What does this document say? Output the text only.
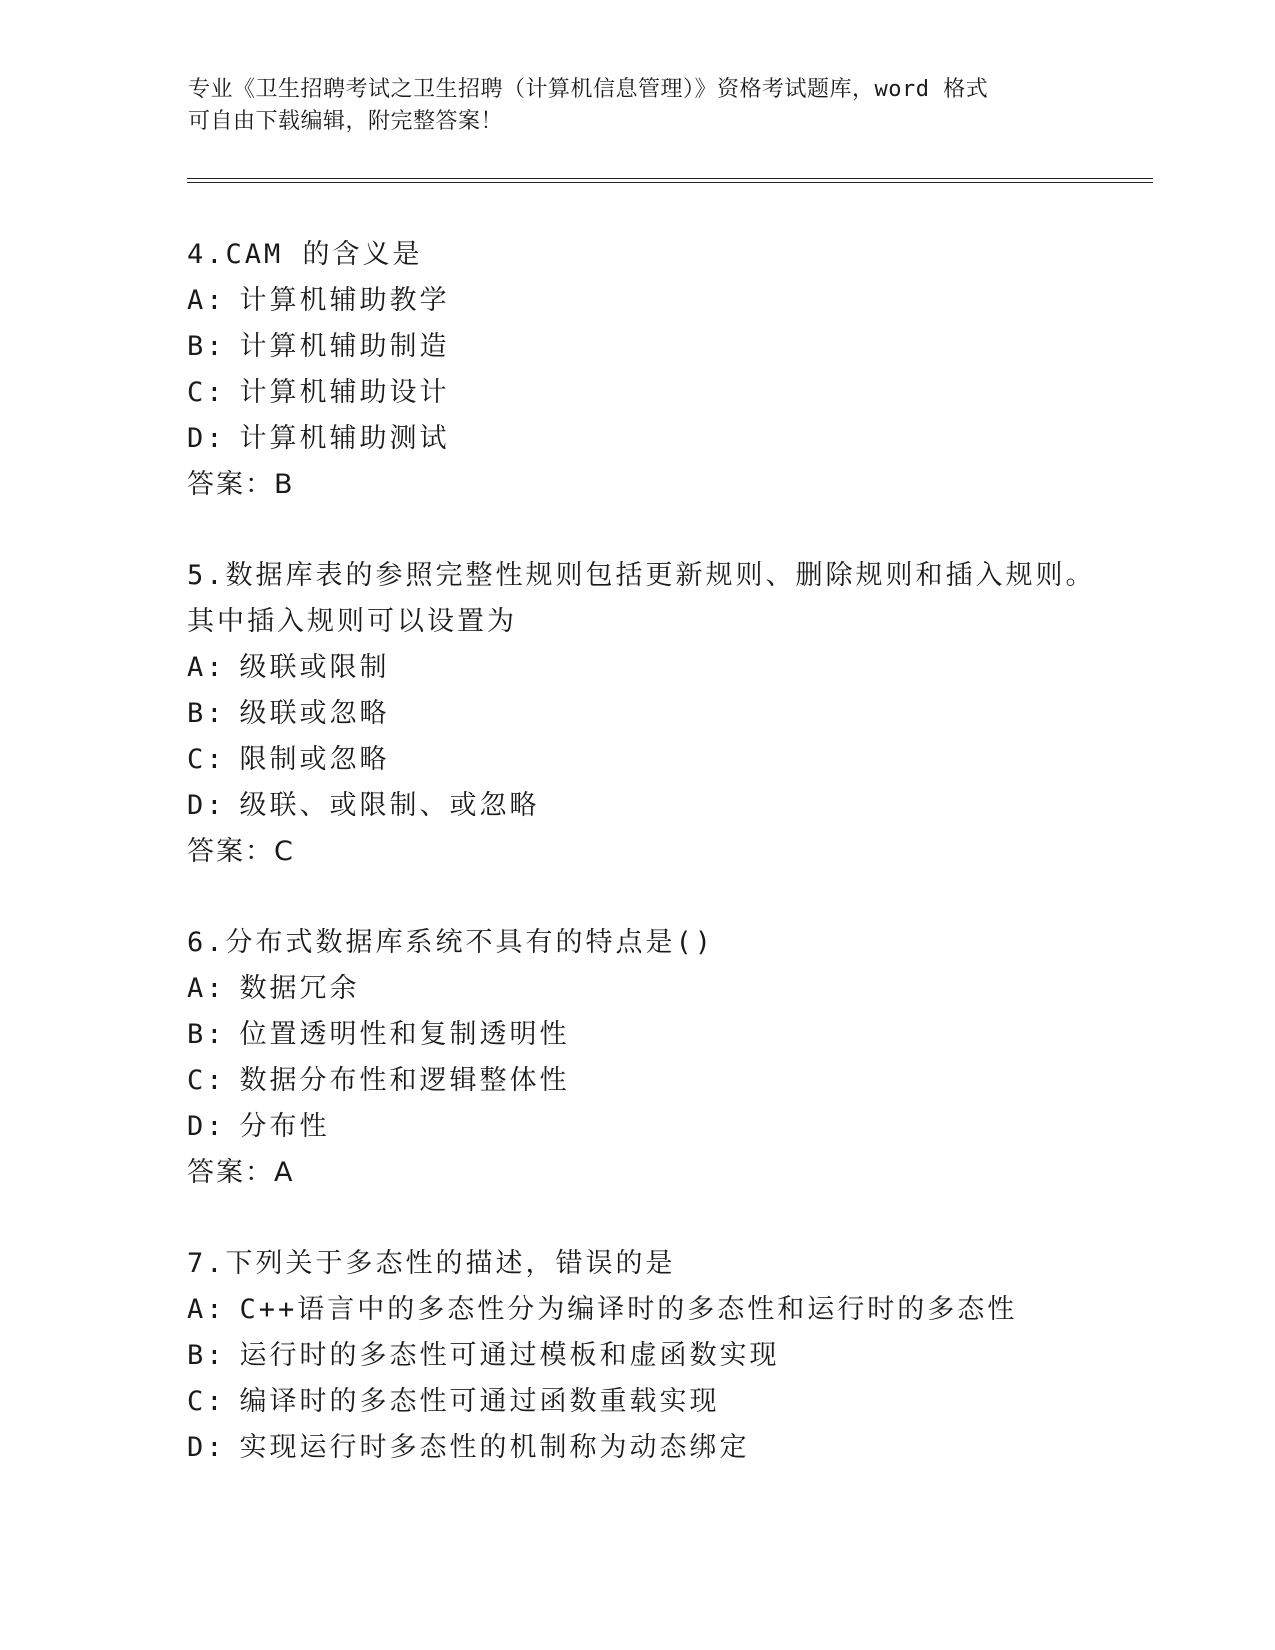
专业《卫生招聘考试之卫生招聘（计算机信息管理）》资格考试题库，word 格式
可自由下载编辑，附完整答案！
4.CAM 的含义是
A: 计算机辅助教学
B: 计算机辅助制造
C: 计算机辅助设计
D: 计算机辅助测试
答案：B
5.数据库表的参照完整性规则包括更新规则、删除规则和插入规则。
其中插入规则可以设置为
A: 级联或限制
B: 级联或忽略
C: 限制或忽略
D: 级联、或限制、或忽略
答案：C
6.分布式数据库系统不具有的特点是()
A: 数据冗余
B: 位置透明性和复制透明性
C: 数据分布性和逻辑整体性
D: 分布性
答案：A
7.下列关于多态性的描述，错误的是
A: C++语言中的多态性分为编译时的多态性和运行时的多态性
B: 运行时的多态性可通过模板和虚函数实现
C: 编译时的多态性可通过函数重载实现
D: 实现运行时多态性的机制称为动态绑定
